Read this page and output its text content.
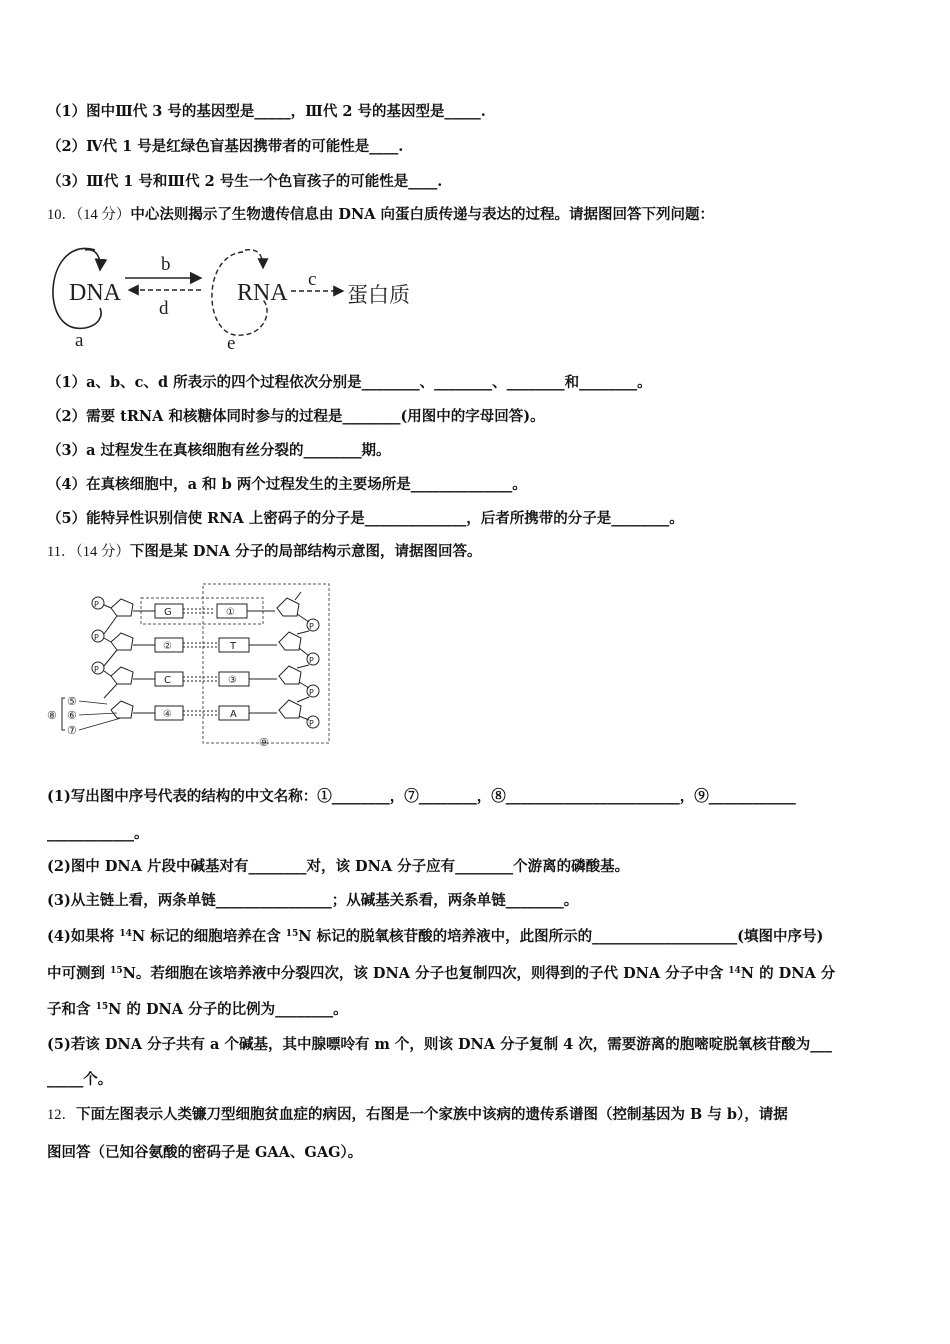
（1）图中Ⅲ代 3 号的基因型是_____，Ⅲ代 2 号的基因型是_____.
（2）Ⅳ代 1 号是红绿色盲基因携带者的可能性是____.
（3）Ⅲ代 1 号和Ⅲ代 2 号生一个色盲孩子的可能性是____.
10．（14 分）中心法则揭示了生物遗传信息由 DNA 向蛋白质传递与表达的过程。请据图回答下列问题：
DNA
a
b
d
RNA
e
c
蛋白质
（1）a、b、c、d 所表示的四个过程依次分别是________、________、________和________。
（2）需要 tRNA 和核糖体同时参与的过程是________(用图中的字母回答)。
（3）a 过程发生在真核细胞有丝分裂的________期。
（4）在真核细胞中，a 和 b 两个过程发生的主要场所是______________。
（5）能特异性识别信使 RNA 上密码子的分子是______________，后者所携带的分子是________。
11．（14 分）下图是某 DNA 分子的局部结构示意图，请据图回答。
⑨
P
G	①
P
P
②	T
P
P
C	③
P
④	A
P
⑤
⑥
⑦
⑧
(1)写出图中序号代表的结构的中文名称：①________，⑦________，⑧________________________，⑨____________
____________。
(2)图中 DNA 片段中碱基对有________对，该 DNA 分子应有________个游离的磷酸基。
(3)从主链上看，两条单链________________；从碱基关系看，两条单链________。
(4)如果将 $^{14}$N 标记的细胞培养在含 $^{15}$N 标记的脱氧核苷酸的培养液中，此图所示的____________________(填图中序号)
中可测到 $^{15}$N。若细胞在该培养液中分裂四次，该 DNA 分子也复制四次，则得到的子代 DNA 分子中含 $^{14}$N 的 DNA 分
子和含 $^{15}$N 的 DNA 分子的比例为________。
(5)若该 DNA 分子共有 a 个碱基，其中腺嘌呤有 m 个，则该 DNA 分子复制 4 次，需要游离的胞嘧啶脱氧核苷酸为___
_____个。
12．下面左图表示人类镰刀型细胞贫血症的病因，右图是一个家族中该病的遗传系谱图（控制基因为 B 与 b），请据
图回答（已知谷氨酸的密码子是 GAA、GAG）。
